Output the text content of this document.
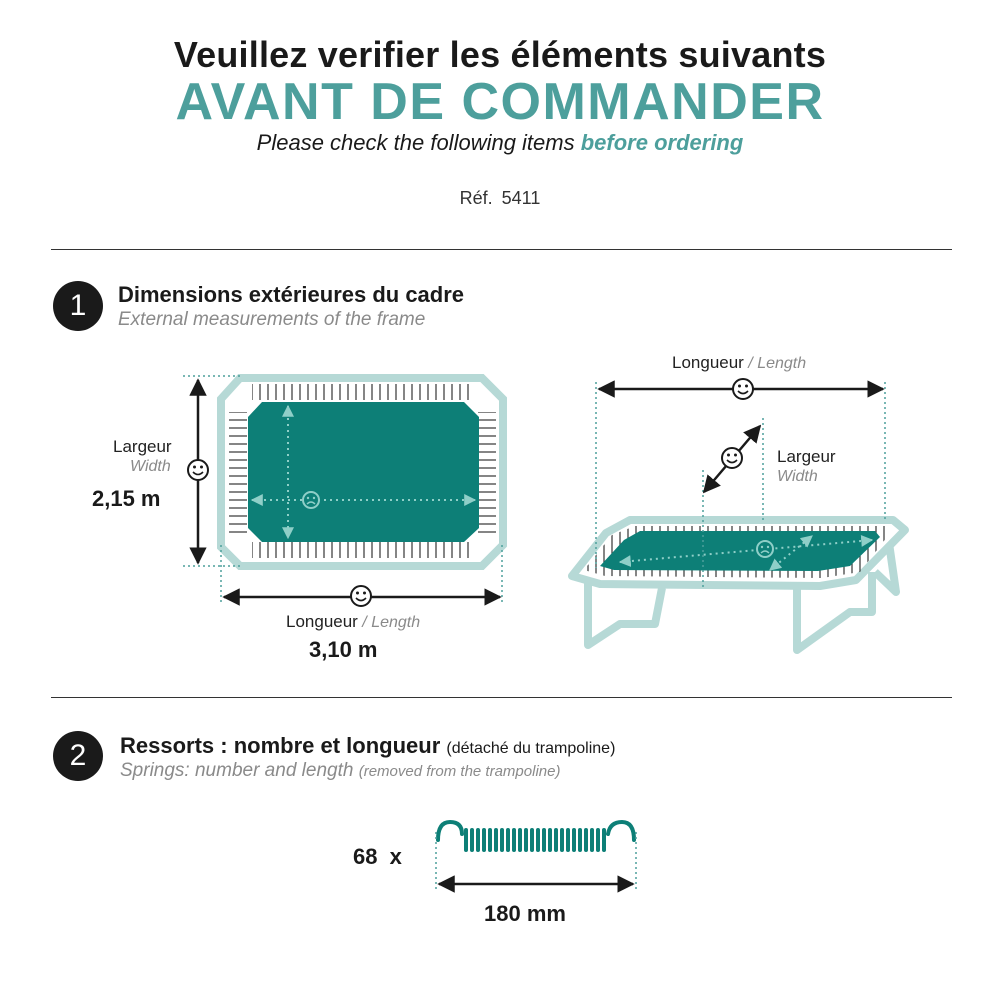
Veuillez verifier les éléments suivants
AVANT DE COMMANDER
Please check the following items before ordering
Réf. 5411
1	Dimensions extérieures du cadre
External measurements of the frame
Largeur
Width
2,15 m
Longueur / Length
3,10 m
Longueur / Length
Largeur
Width
2	Ressorts : nombre et longueur (détaché du trampoline)
Springs: number and length (removed from the trampoline)
68 x
180 mm
